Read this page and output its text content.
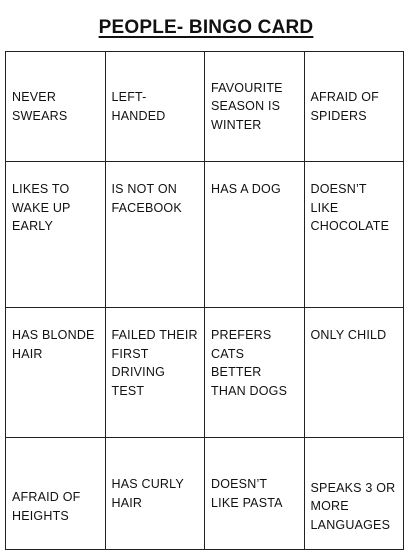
PEOPLE- BINGO CARD
NEVER SWEARS	LEFT-HANDED	FAVOURITE SEASON IS WINTER	AFRAID OF SPIDERS

LIKES TO WAKE UP EARLY	IS NOT ON FACEBOOK	HAS A DOG	DOESN’T LIKE CHOCOLATE

HAS BLONDE HAIR	FAILED THEIR FIRST DRIVING TEST	PREFERS CATS BETTER THAN DOGS	ONLY CHILD

AFRAID OF HEIGHTS	HAS CURLY HAIR	DOESN’T LIKE PASTA	SPEAKS 3 OR MORE LANGUAGES
